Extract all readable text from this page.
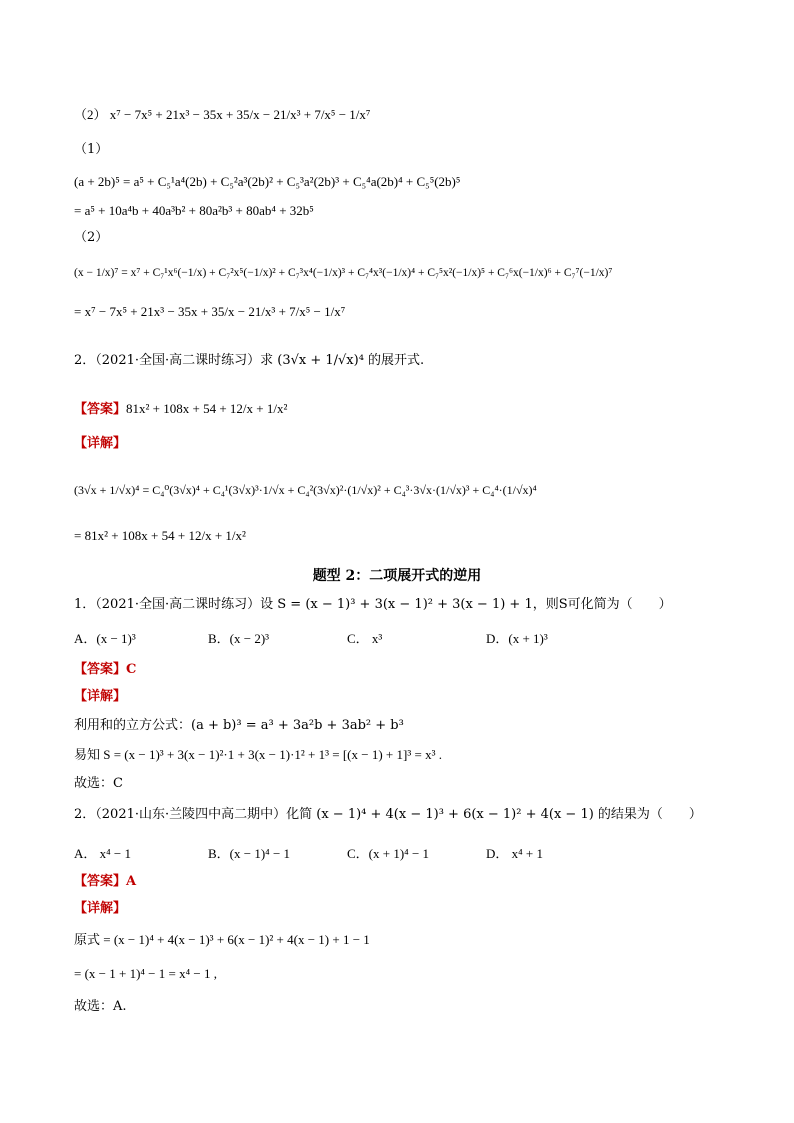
（2） x⁷ − 7x⁵ + 21x³ − 35x + 35/x − 21/x³ + 7/x⁵ − 1/x⁷
（1）
(a + 2b)⁵ = a⁵ + C₅¹a⁴(2b) + C₅²a³(2b)² + C₅³a²(2b)³ + C₅⁴a(2b)⁴ + C₅⁵(2b)⁵
= a⁵ + 10a⁴b + 40a³b² + 80a²b³ + 80ab⁴ + 32b⁵
（2）
(x − 1/x)⁷ = x⁷ + C₇¹x⁶(−1/x) + C₇²x⁵(−1/x)² + C₇³x⁴(−1/x)³ + C₇⁴x³(−1/x)⁴ + C₇⁵x²(−1/x)⁵ + C₇⁶x(−1/x)⁶ + C₇⁷(−1/x)⁷
= x⁷ − 7x⁵ + 21x³ − 35x + 35/x − 21/x³ + 7/x⁵ − 1/x⁷
2．（2021·全国·高二课时练习）求 (3√x + 1/√x)⁴ 的展开式.
【答案】81x² + 108x + 54 + 12/x + 1/x²
【详解】
(3√x + 1/√x)⁴ = C₄⁰(3√x)⁴ + C₄¹(3√x)³·1/√x + C₄²(3√x)²·(1/√x)² + C₄³·3√x·(1/√x)³ + C₄⁴·(1/√x)⁴
= 81x² + 108x + 54 + 12/x + 1/x²
题型 2：二项展开式的逆用
1．（2021·全国·高二课时练习）设 S = (x − 1)³ + 3(x − 1)² + 3(x − 1) + 1，则S可化简为（　　）
A．(x − 1)³	B．(x − 2)³	C． x³	D．(x + 1)³
【答案】C
【详解】
利用和的立方公式：(a + b)³ = a³ + 3a²b + 3ab² + b³
易知 S = (x − 1)³ + 3(x − 1)²·1 + 3(x − 1)·1² + 1³ = [(x − 1) + 1]³ = x³ .
故选：C
2．（2021·山东·兰陵四中高二期中）化简 (x − 1)⁴ + 4(x − 1)³ + 6(x − 1)² + 4(x − 1) 的结果为（　　）
A． x⁴ − 1	B．(x − 1)⁴ − 1	C．(x + 1)⁴ − 1	D． x⁴ + 1
【答案】A
【详解】
原式 = (x − 1)⁴ + 4(x − 1)³ + 6(x − 1)² + 4(x − 1) + 1 − 1
= (x − 1 + 1)⁴ − 1 = x⁴ − 1 ,
故选：A.
